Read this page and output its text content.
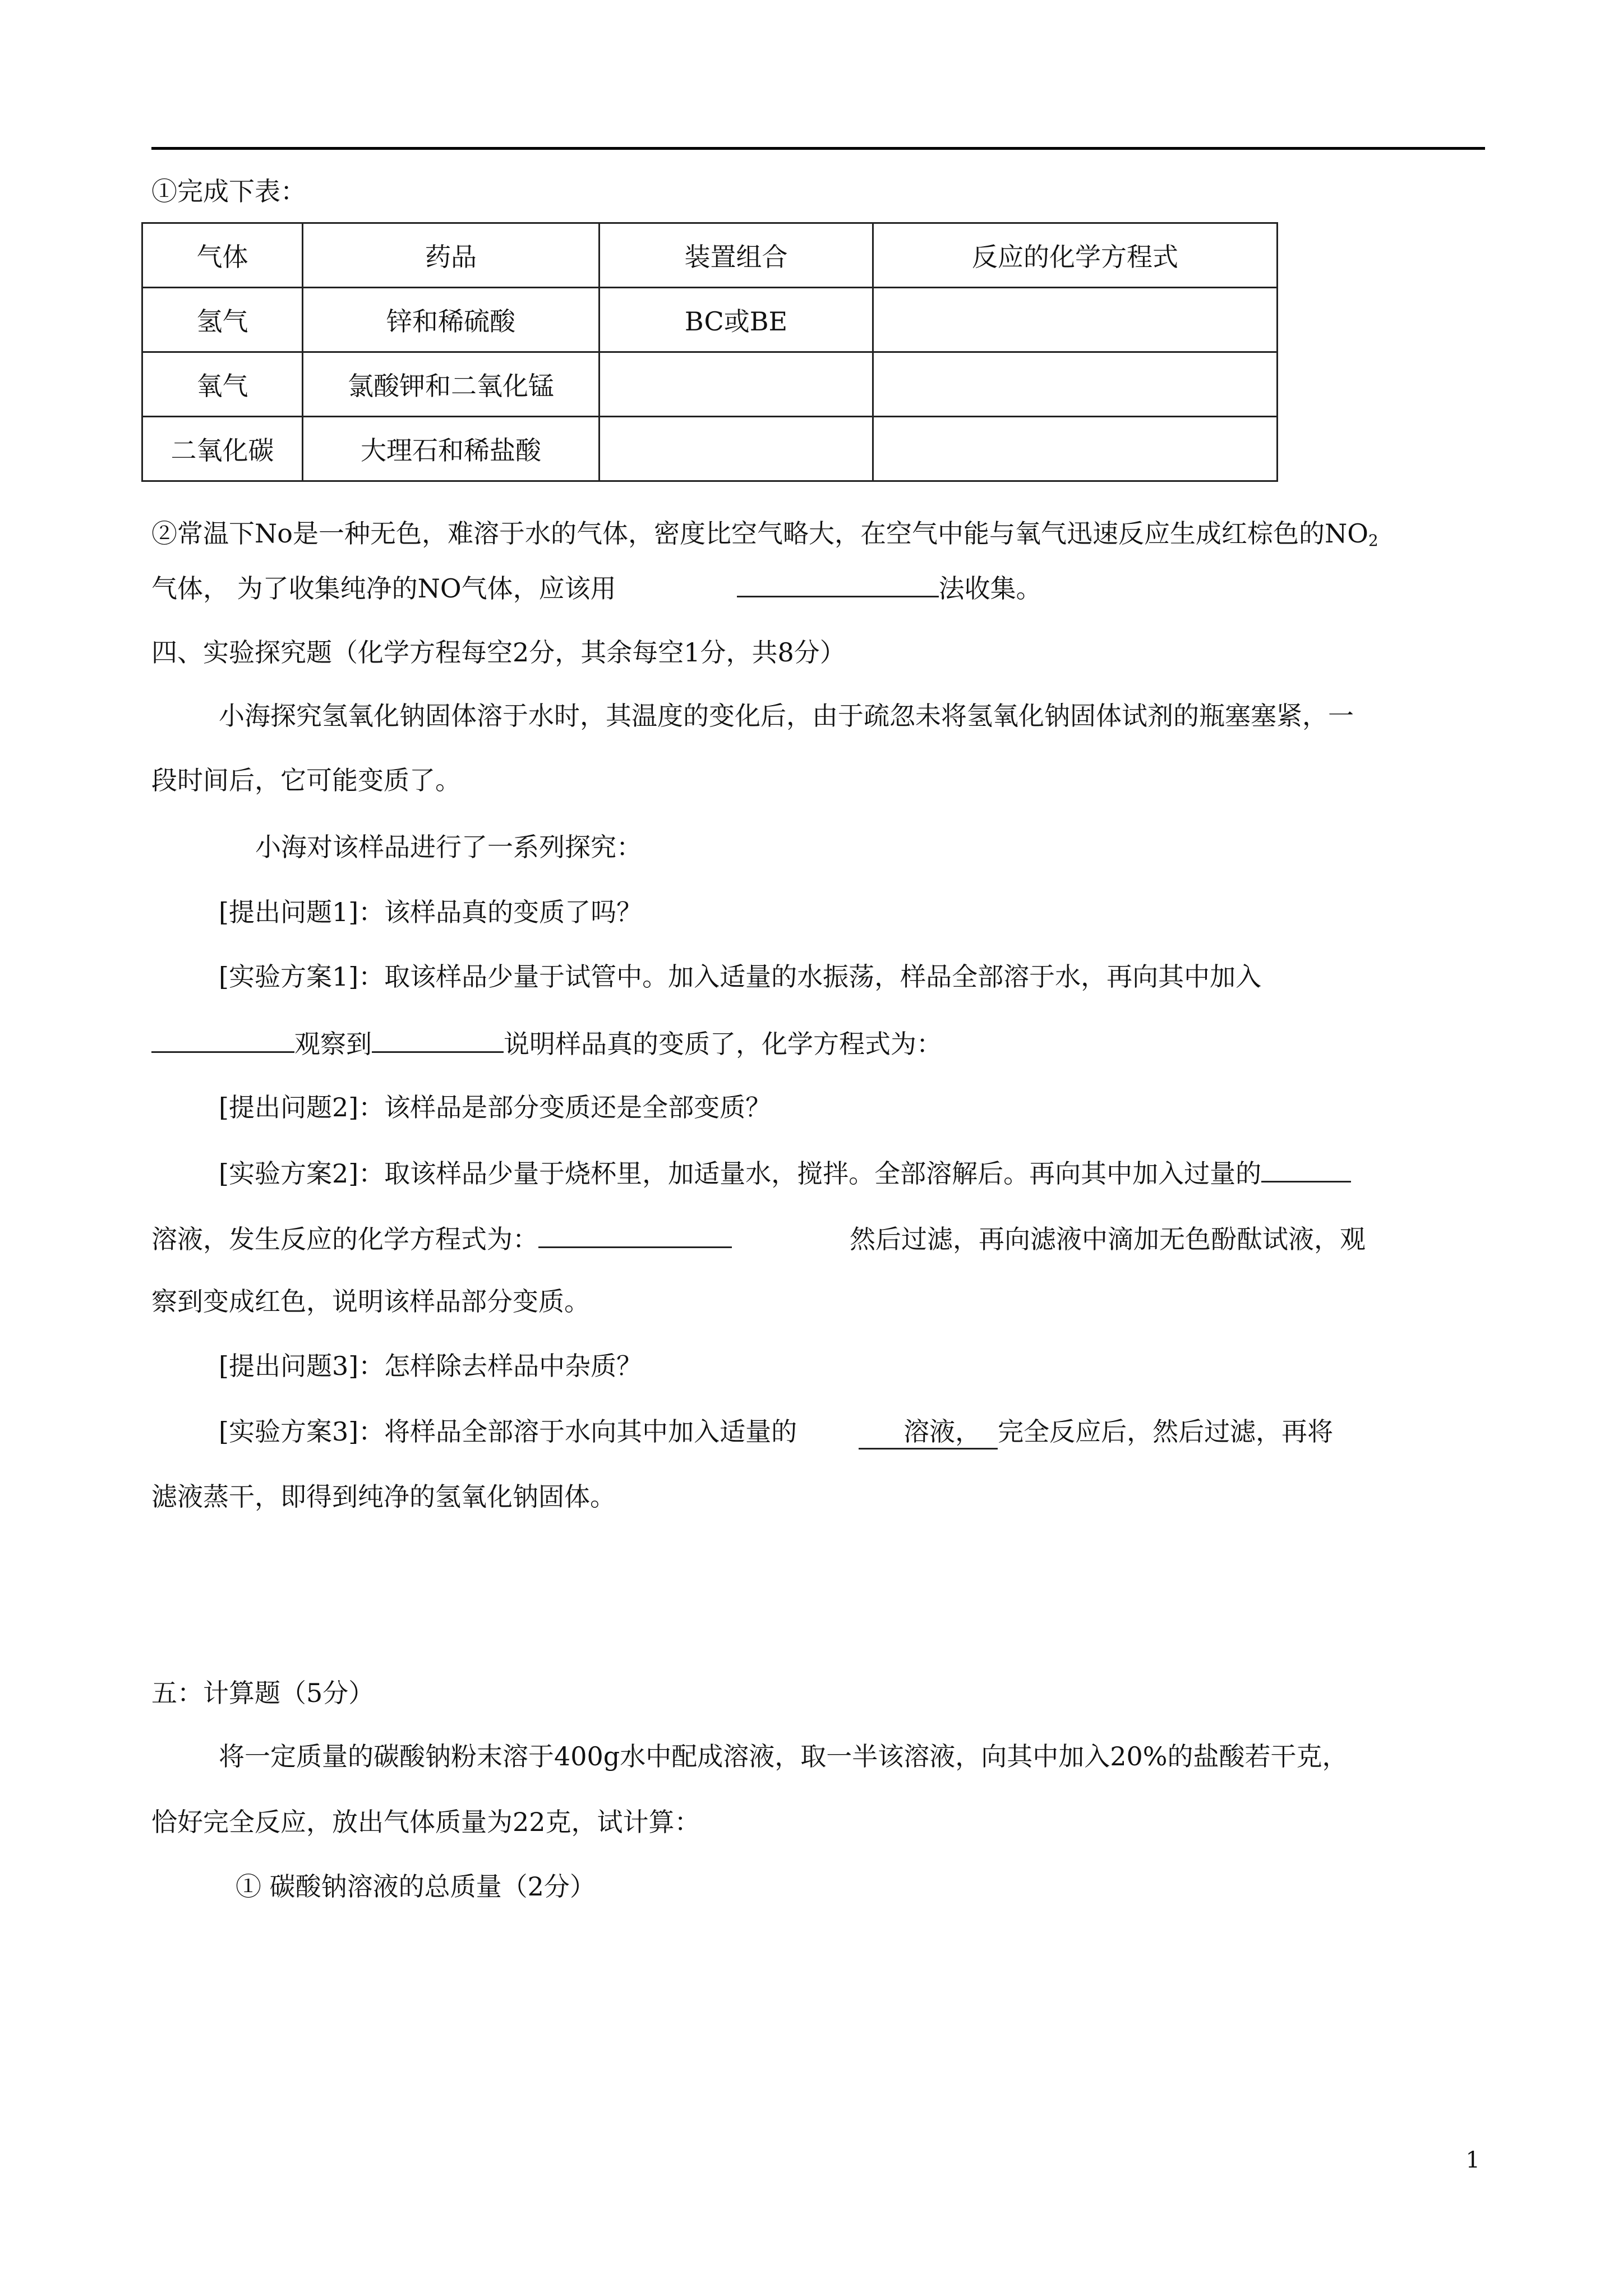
①完成下表：
气体	药品	装置组合	反应的化学方程式
氢气	锌和稀硫酸	BC或BE	
氧气	氯酸钾和二氧化锰		
二氧化碳	大理石和稀盐酸		
②常温下No是一种无色，难溶于水的气体，密度比空气略大，在空气中能与氧气迅速反应生成红棕色的$NO_2$
气体， 为了收集纯净的NO气体，应该用	法收集。
四、实验探究题（化学方程每空2分，其余每空1分，共8分）
小海探究氢氧化钠固体溶于水时，其温度的变化后，由于疏忽未将氢氧化钠固体试剂的瓶塞塞紧，一
段时间后，它可能变质了。
小海对该样品进行了一系列探究：
[提出问题1]：该样品真的变质了吗？
[实验方案1]：取该样品少量于试管中。加入适量的水振荡，样品全部溶于水，再向其中加入
观察到	说明样品真的变质了，化学方程式为：
[提出问题2]：该样品是部分变质还是全部变质？
[实验方案2]：取该样品少量于烧杯里，加适量水，搅拌。全部溶解后。再向其中加入过量的
溶液，发生反应的化学方程式为：	然后过滤，再向滤液中滴加无色酚酞试液，观
察到变成红色，说明该样品部分变质。
[提出问题3]：怎样除去样品中杂质？
[实验方案3]：将样品全部溶于水向其中加入适量的	溶液， 完全反应后，然后过滤，再将
滤液蒸干，即得到纯净的氢氧化钠固体。
五：计算题（5分）
将一定质量的碳酸钠粉末溶于400g水中配成溶液，取一半该溶液，向其中加入20%的盐酸若干克，
恰好完全反应，放出气体质量为22克，试计算：
① 碳酸钠溶液的总质量（2分）
1
